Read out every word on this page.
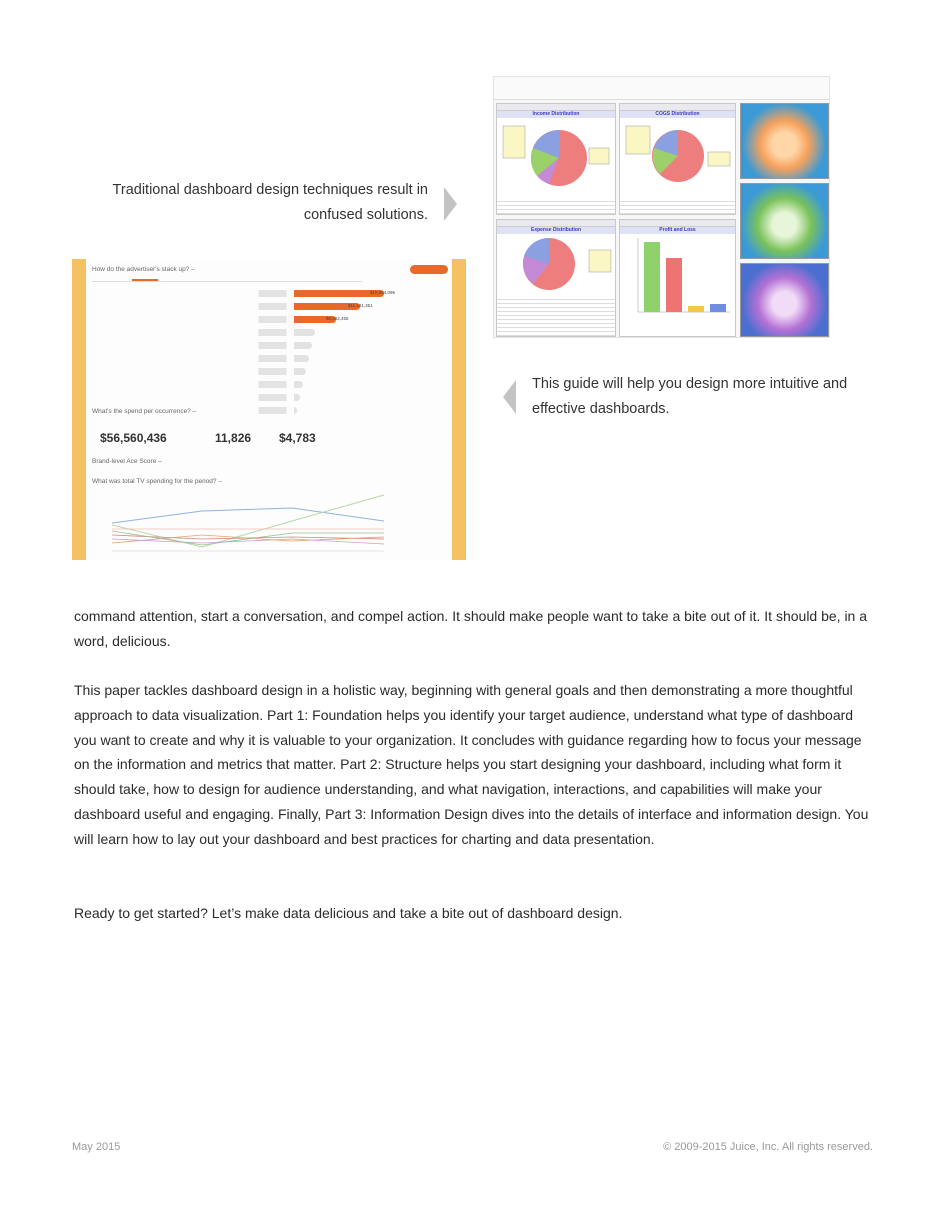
Traditional dashboard design techniques result in confused solutions.
Income Distribution	COGS Distribution
Expense Distribution	Profit and Loss
How do the advertiser's stack up? –
$15,694,096
$11,181,351
$6,462,455
What's the spend per occurrence? –
$56,560,436	11,826 $4,783
Brand-level Ace Score –
What was total TV spending for the period? –
This guide will help you design more intuitive and effective dashboards.

command attention, start a conversation, and compel action. It should make people want to take a bite out of it. It should be, in a word, delicious.

This paper tackles dashboard design in a holistic way, beginning with general goals and then demonstrating a more thoughtful approach to data visualization. Part 1: Foundation helps you identify your target audience, understand what type of dashboard you want to create and why it is valuable to your organization. It concludes with guidance regarding how to focus your message on the information and metrics that matter. Part 2: Structure helps you start designing your dashboard, including what form it should take, how to design for audience understanding, and what navigation, interactions, and capabilities will make your dashboard useful and engaging. Finally, Part 3: Information Design dives into the details of interface and information design. You will learn how to lay out your dashboard and best practices for charting and data presentation.

Ready to get started? Let’s make data delicious and take a bite out of dashboard design.

May 2015	© 2009-2015 Juice, Inc. All rights reserved.
